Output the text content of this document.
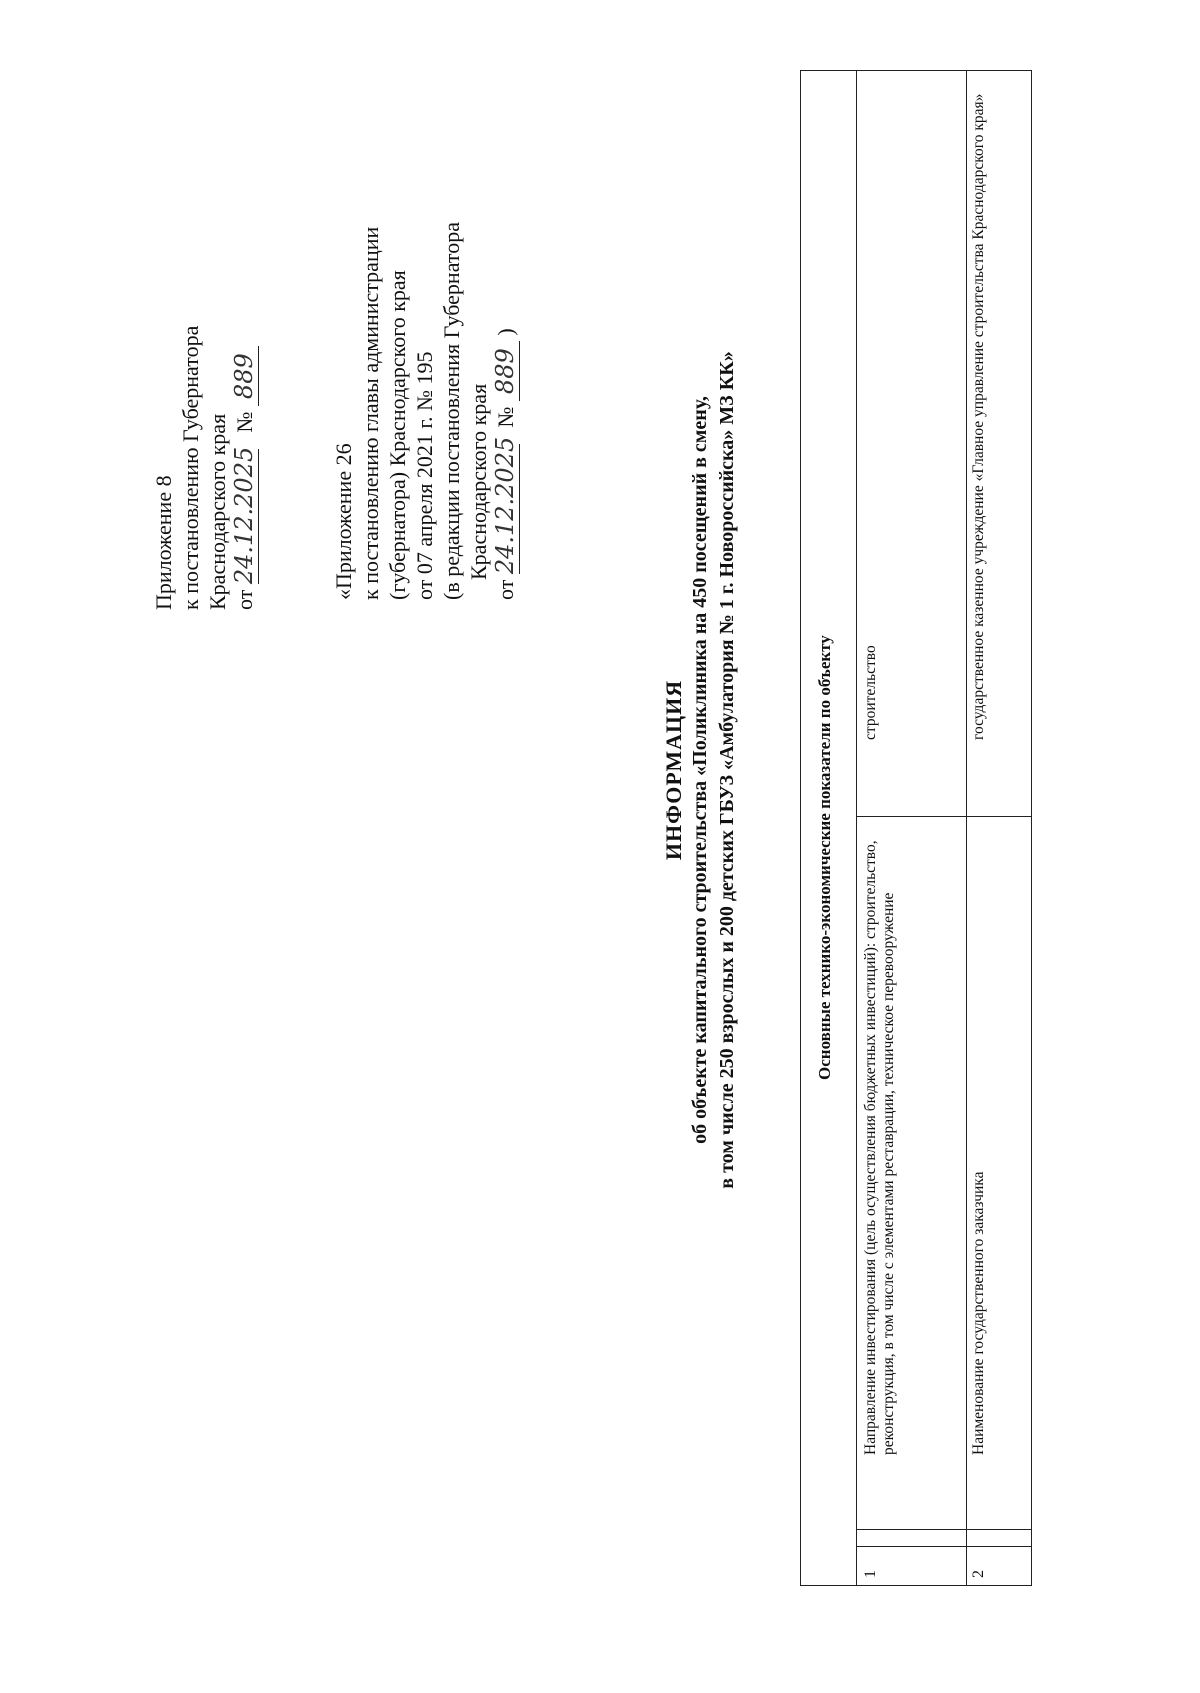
Приложение 8 к постановлению Губернатора Краснодарского края от 24.12.2025   № 889
«Приложение 26 к постановлению главы администрации (губернатора) Краснодарского края от 07 апреля 2021 г. № 195 (в редакции постановления Губернатора Краснодарского края
от 24.12.2025   № 889 )
ИНФОРМАЦИЯ об объекте капитального строительства «Поликлиника на 450 посещений в смену, в том числе 250 взрослых и 200 детских ГБУЗ «Амбулатория № 1 г. Новороссийска» МЗ КК»	Основные технико-экономические показатели по объекту
1
Направление инвестирования (цель осуществления бюджетных инвестиций): строительство, реконструкция, в том числе с элементами реставрации, техническое перевооружение
строительство
2
Наименование государственного заказчика
государственное казенное учреждение «Главное управление строительства Краснодарского края»
